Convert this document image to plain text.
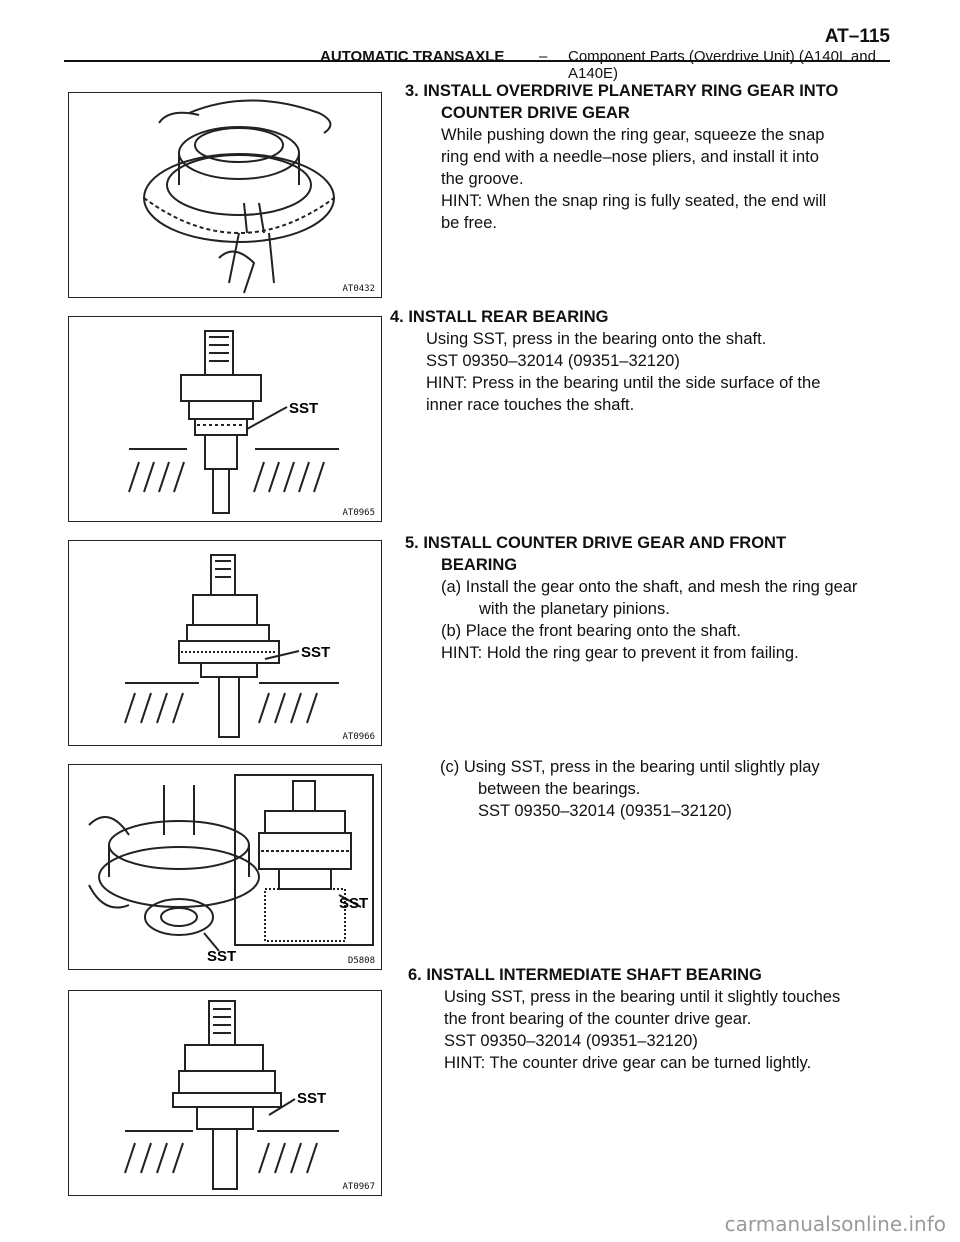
AUTOMATIC TRANSAXLE – Component Parts (Overdrive Unit) (A140L and A140E)
AT–115
AT0432
SST
AT0965
SST
AT0966
SST
SST	D5808
SST
AT0967

3. INSTALL OVERDRIVE PLANETARY RING GEAR INTO

COUNTER DRIVE GEAR

While pushing down the ring gear, squeeze the snap

ring end with a needle–nose pliers, and install it into

the groove.

HINT: When the snap ring is fully seated, the end will

be free.

4. INSTALL REAR BEARING

Using SST, press in the bearing onto the shaft.

SST 09350–32014 (09351–32120)

HINT: Press in the bearing until the side surface of the

inner race touches the shaft.

5. INSTALL COUNTER DRIVE GEAR AND FRONT

BEARING

(a) Install the gear onto the shaft, and mesh the ring gear

with the planetary pinions.

(b) Place the front bearing onto the shaft.

HINT: Hold the ring gear to prevent it from failing.

(c) Using SST, press in the bearing until slightly play

between the bearings.

SST 09350–32014 (09351–32120)

6. INSTALL INTERMEDIATE SHAFT BEARING

Using SST, press in the bearing until it slightly touches

the front bearing of the counter drive gear.

SST 09350–32014 (09351–32120)

HINT: The counter drive gear can be turned lightly.

carmanualsonline.info
